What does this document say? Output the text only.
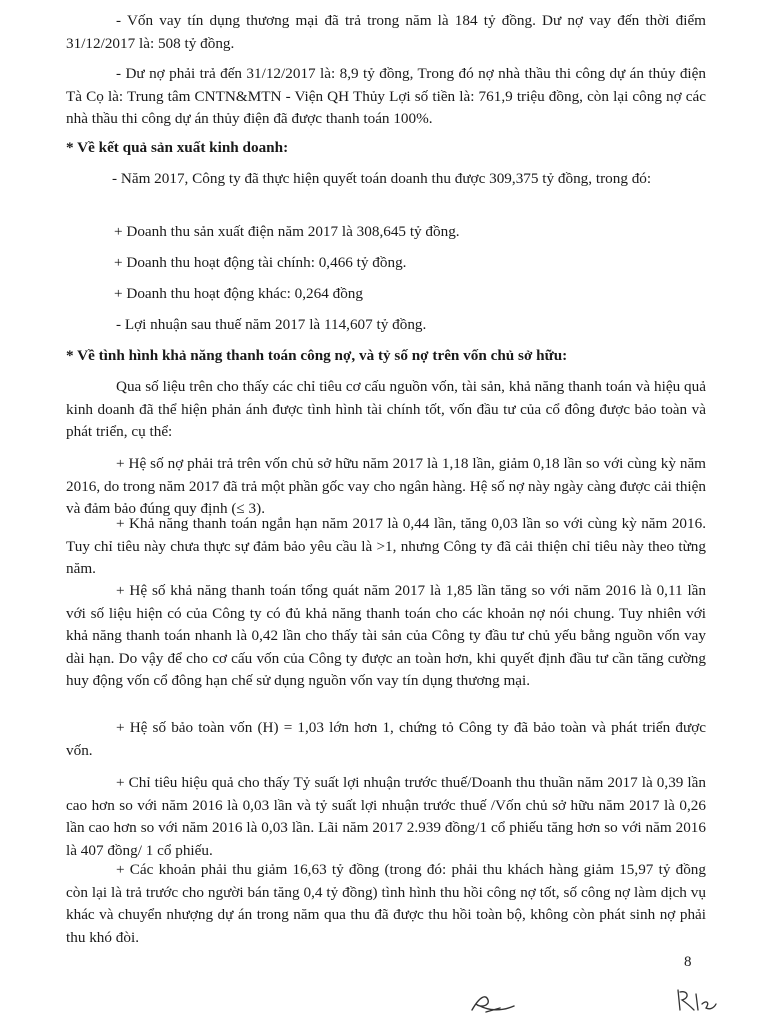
- Vốn vay tín dụng thương mại đã trả trong năm là 184 tỷ đồng. Dư nợ vay đến thời điểm 31/12/2017 là: 508 tỷ đồng.

- Dư nợ phải trả đến 31/12/2017 là: 8,9 tỷ đồng, Trong đó nợ nhà thầu thi công dự án thủy điện Tà Cọ là: Trung tâm CNTN&MTN - Viện QH Thủy Lợi số tiền là: 761,9 triệu đồng, còn lại công nợ các nhà thầu thi công dự án thủy điện đã được thanh toán 100%.

* Về kết quả sản xuất kinh doanh:

- Năm 2017, Công ty đã thực hiện quyết toán doanh thu được 309,375 tỷ đồng, trong đó:

+ Doanh thu sản xuất điện năm 2017 là 308,645 tỷ đồng.

+ Doanh thu hoạt động tài chính: 0,466 tỷ đồng.

+ Doanh thu hoạt động khác: 0,264 đồng

- Lợi nhuận sau thuế năm 2017 là 114,607 tỷ đồng.

* Về tình hình khả năng thanh toán công nợ, và tỷ số nợ trên vốn chủ sở hữu:

Qua số liệu trên cho thấy các chỉ tiêu cơ cấu nguồn vốn, tài sản, khả năng thanh toán và hiệu quả kinh doanh đã thể hiện phản ánh được tình hình tài chính tốt, vốn đầu tư của cổ đông được bảo toàn và phát triển, cụ thể:

+ Hệ số nợ phải trả trên vốn chủ sở hữu năm 2017 là 1,18 lần, giảm 0,18 lần so với cùng kỳ năm 2016, do trong năm 2017 đã trả một phần gốc vay cho ngân hàng. Hệ số nợ này ngày càng được cải thiện và đảm bảo đúng quy định (≤ 3).

+ Khả năng thanh toán ngắn hạn năm 2017 là 0,44 lần, tăng 0,03 lần so với cùng kỳ năm 2016. Tuy chỉ tiêu này chưa thực sự đảm bảo yêu cầu là >1, nhưng Công ty đã cải thiện chỉ tiêu này theo từng năm.

+ Hệ số khả năng thanh toán tổng quát năm 2017 là 1,85 lần tăng so với năm 2016 là 0,11 lần với số liệu hiện có của Công ty có đủ khả năng thanh toán cho các khoản nợ nói chung. Tuy nhiên với khả năng thanh toán nhanh là 0,42 lần cho thấy tài sản của Công ty đầu tư chủ yếu bằng nguồn vốn vay dài hạn. Do vậy để cho cơ cấu vốn của Công ty được an toàn hơn, khi quyết định đầu tư cần tăng cường huy động vốn cổ đông hạn chế sử dụng nguồn vốn vay tín dụng thương mại.

+ Hệ số bảo toàn vốn (H) = 1,03 lớn hơn 1, chứng tỏ Công ty đã bảo toàn và phát triển được vốn.

+ Chỉ tiêu hiệu quả cho thấy Tỷ suất lợi nhuận trước thuế/Doanh thu thuần năm 2017 là 0,39 lần cao hơn so với năm 2016 là 0,03 lần và tỷ suất lợi nhuận trước thuế /Vốn chủ sở hữu năm 2017 là 0,26 lần cao hơn so với năm 2016 là 0,03 lần. Lãi năm 2017 2.939 đồng/1 cổ phiếu tăng hơn so với năm 2016 là 407 đồng/ 1 cổ phiếu.

+ Các khoản phải thu giảm 16,63 tỷ đồng (trong đó: phải thu khách hàng giảm 15,97 tỷ đồng còn lại là trả trước cho người bán tăng 0,4 tỷ đồng) tình hình thu hồi công nợ tốt, số công nợ làm dịch vụ khác và chuyển nhượng dự án trong năm qua thu đã được thu hồi toàn bộ, không còn phát sinh nợ phải thu khó đòi.

8
